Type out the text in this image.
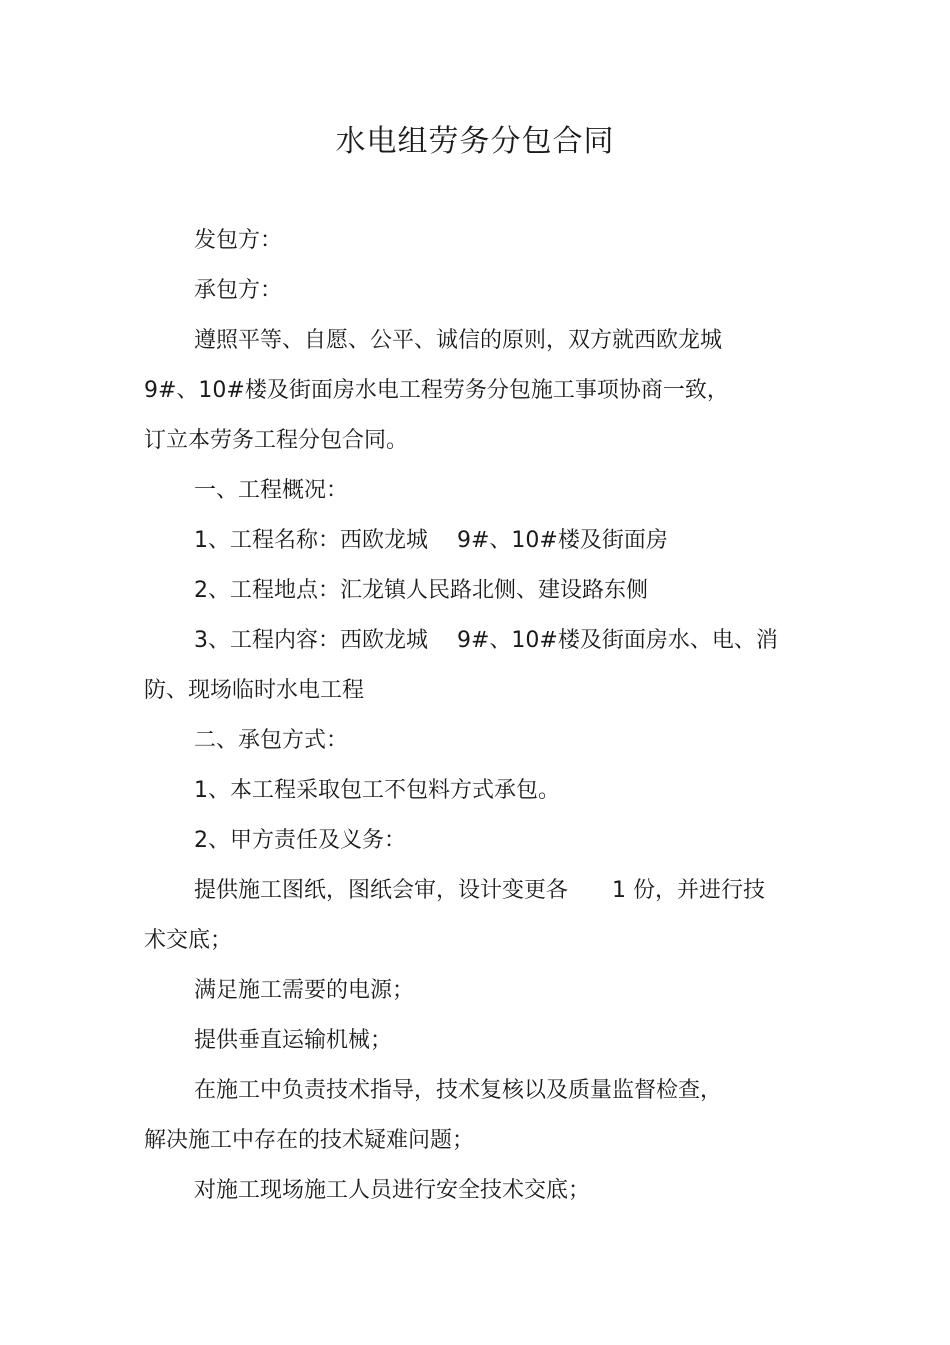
水电组劳务分包合同
发包方：
承包方：
遵照平等、自愿、公平、诚信的原则，双方就西欧龙城
9#、10#楼及街面房水电工程劳务分包施工事项协商一致，
订立本劳务工程分包合同。
一、工程概况：
1、工程名称：西欧龙城　 9#、10#楼及街面房
2、工程地点：汇龙镇人民路北侧、建设路东侧
3、工程内容：西欧龙城　 9#、10#楼及街面房水、电、消
防、现场临时水电工程
二、承包方式：
1、本工程采取包工不包料方式承包。
2、甲方责任及义务：
提供施工图纸，图纸会审，设计变更各　　1 份，并进行技
术交底；
满足施工需要的电源；
提供垂直运输机械；
在施工中负责技术指导，技术复核以及质量监督检查，
解决施工中存在的技术疑难问题；
对施工现场施工人员进行安全技术交底；
